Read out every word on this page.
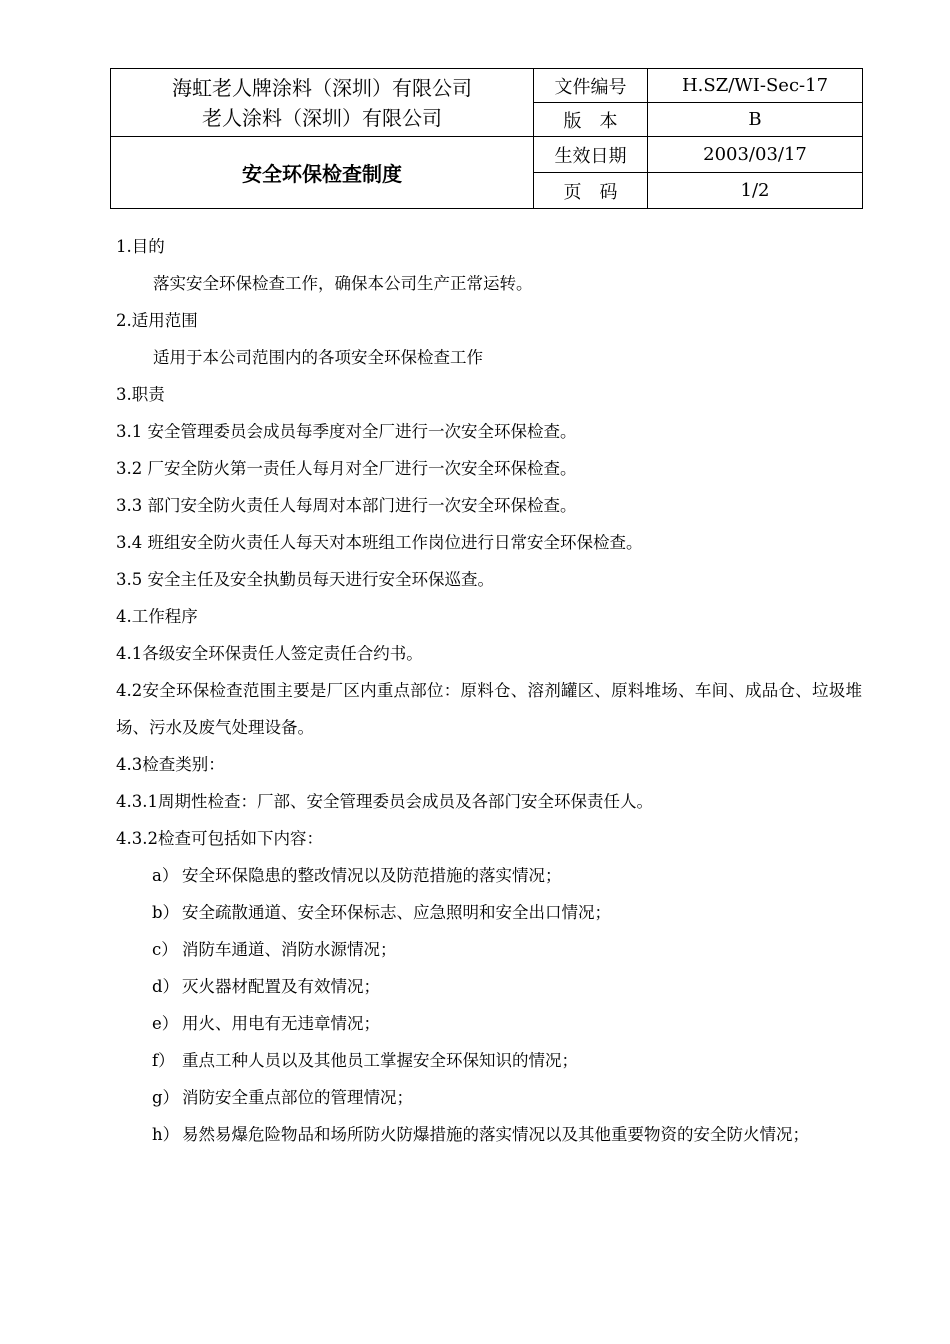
海虹老人牌涂料（深圳）有限公司
老人涂料（深圳）有限公司	文件编号	H.SZ/WI-Sec-17
	版　本	B
安全环保检查制度	生效日期	2003/03/17
	页　码	1/2
1.目的
落实安全环保检查工作，确保本公司生产正常运转。
2.适用范围
适用于本公司范围内的各项安全环保检查工作
3.职责
3.1 安全管理委员会成员每季度对全厂进行一次安全环保检查。
3.2 厂安全防火第一责任人每月对全厂进行一次安全环保检查。
3.3 部门安全防火责任人每周对本部门进行一次安全环保检查。
3.4 班组安全防火责任人每天对本班组工作岗位进行日常安全环保检查。
3.5 安全主任及安全执勤员每天进行安全环保巡查。
4.工作程序
4.1各级安全环保责任人签定责任合约书。
4.2安全环保检查范围主要是厂区内重点部位：原料仓、溶剂罐区、原料堆场、车间、成品仓、垃圾堆场、污水及废气处理设备。
4.3检查类别：
4.3.1周期性检查：厂部、安全管理委员会成员及各部门安全环保责任人。
4.3.2检查可包括如下内容：
a） 安全环保隐患的整改情况以及防范措施的落实情况；
b） 安全疏散通道、安全环保标志、应急照明和安全出口情况；
c） 消防车通道、消防水源情况；
d） 灭火器材配置及有效情况；
e） 用火、用电有无违章情况；
f） 重点工种人员以及其他员工掌握安全环保知识的情况；
g） 消防安全重点部位的管理情况；
h） 易然易爆危险物品和场所防火防爆措施的落实情况以及其他重要物资的安全防火情况；
